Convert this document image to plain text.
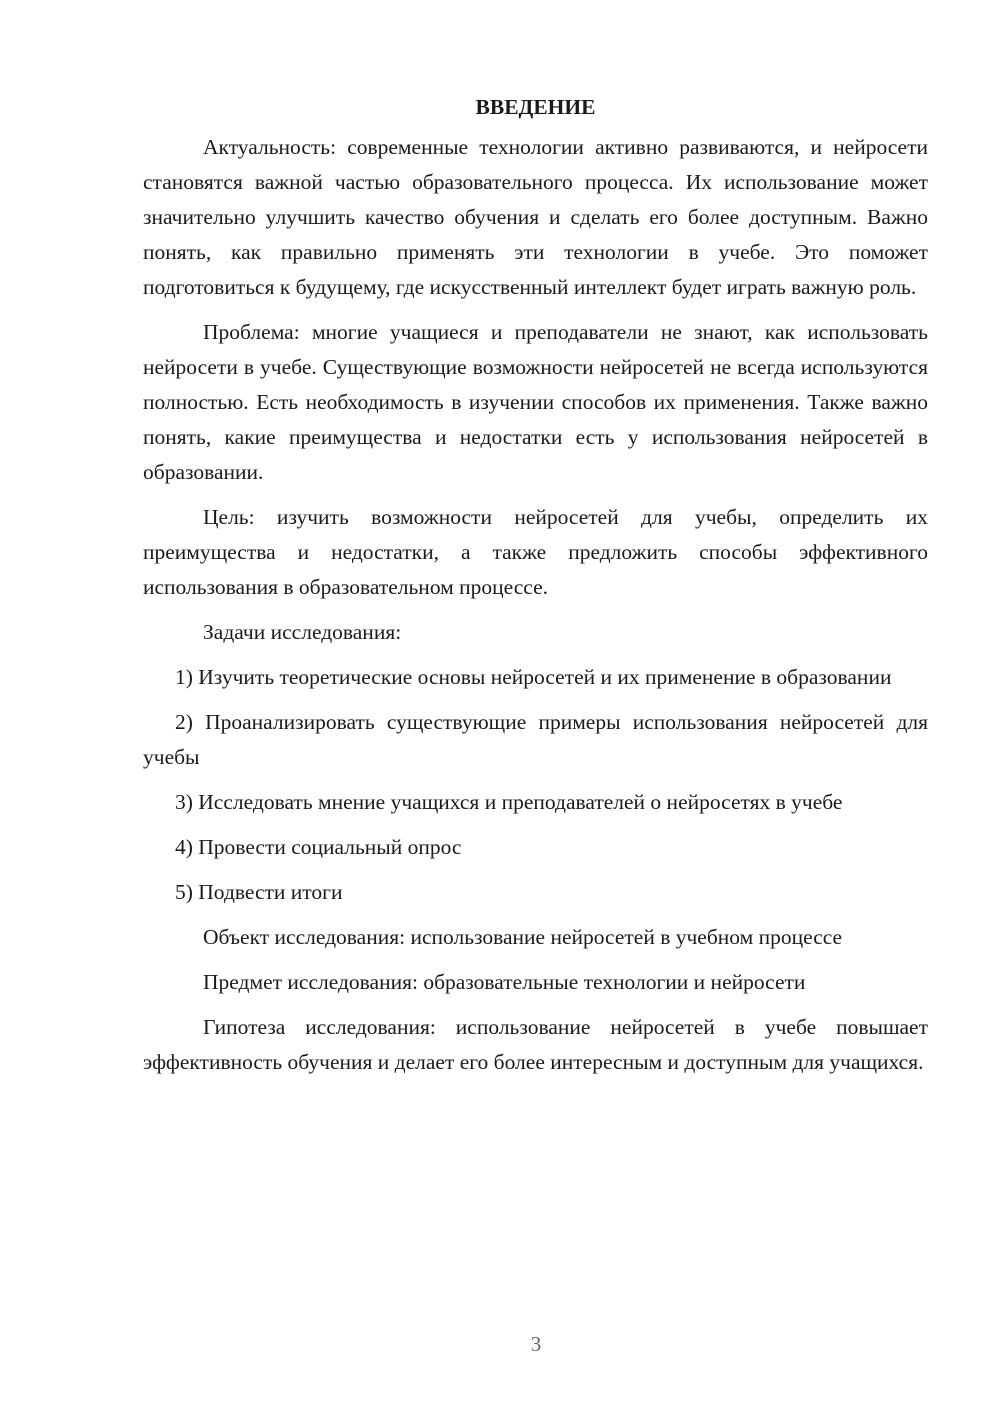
ВВЕДЕНИЕ

Актуальность: современные технологии активно развиваются, и нейросети становятся важной частью образовательного процесса. Их использование может значительно улучшить качество обучения и сделать его более доступным. Важно понять, как правильно применять эти технологии в учебе. Это поможет подготовиться к будущему, где искусственный интеллект будет играть важную роль.

Проблема: многие учащиеся и преподаватели не знают, как использовать нейросети в учебе. Существующие возможности нейросетей не всегда используются полностью. Есть необходимость в изучении способов их применения. Также важно понять, какие преимущества и недостатки есть у использования нейросетей в образовании.

Цель: изучить возможности нейросетей для учебы, определить их преимущества и недостатки, а также предложить способы эффективного использования в образовательном процессе.

Задачи исследования:

1) Изучить теоретические основы нейросетей и их применение в образовании

2) Проанализировать существующие примеры использования нейросетей для учебы

3) Исследовать мнение учащихся и преподавателей о нейросетях в учебе

4) Провести социальный опрос

5) Подвести итоги

Объект исследования: использование нейросетей в учебном процессе

Предмет исследования: образовательные технологии и нейросети

Гипотеза исследования: использование нейросетей в учебе повышает эффективность обучения и делает его более интересным и доступным для учащихся.

3
